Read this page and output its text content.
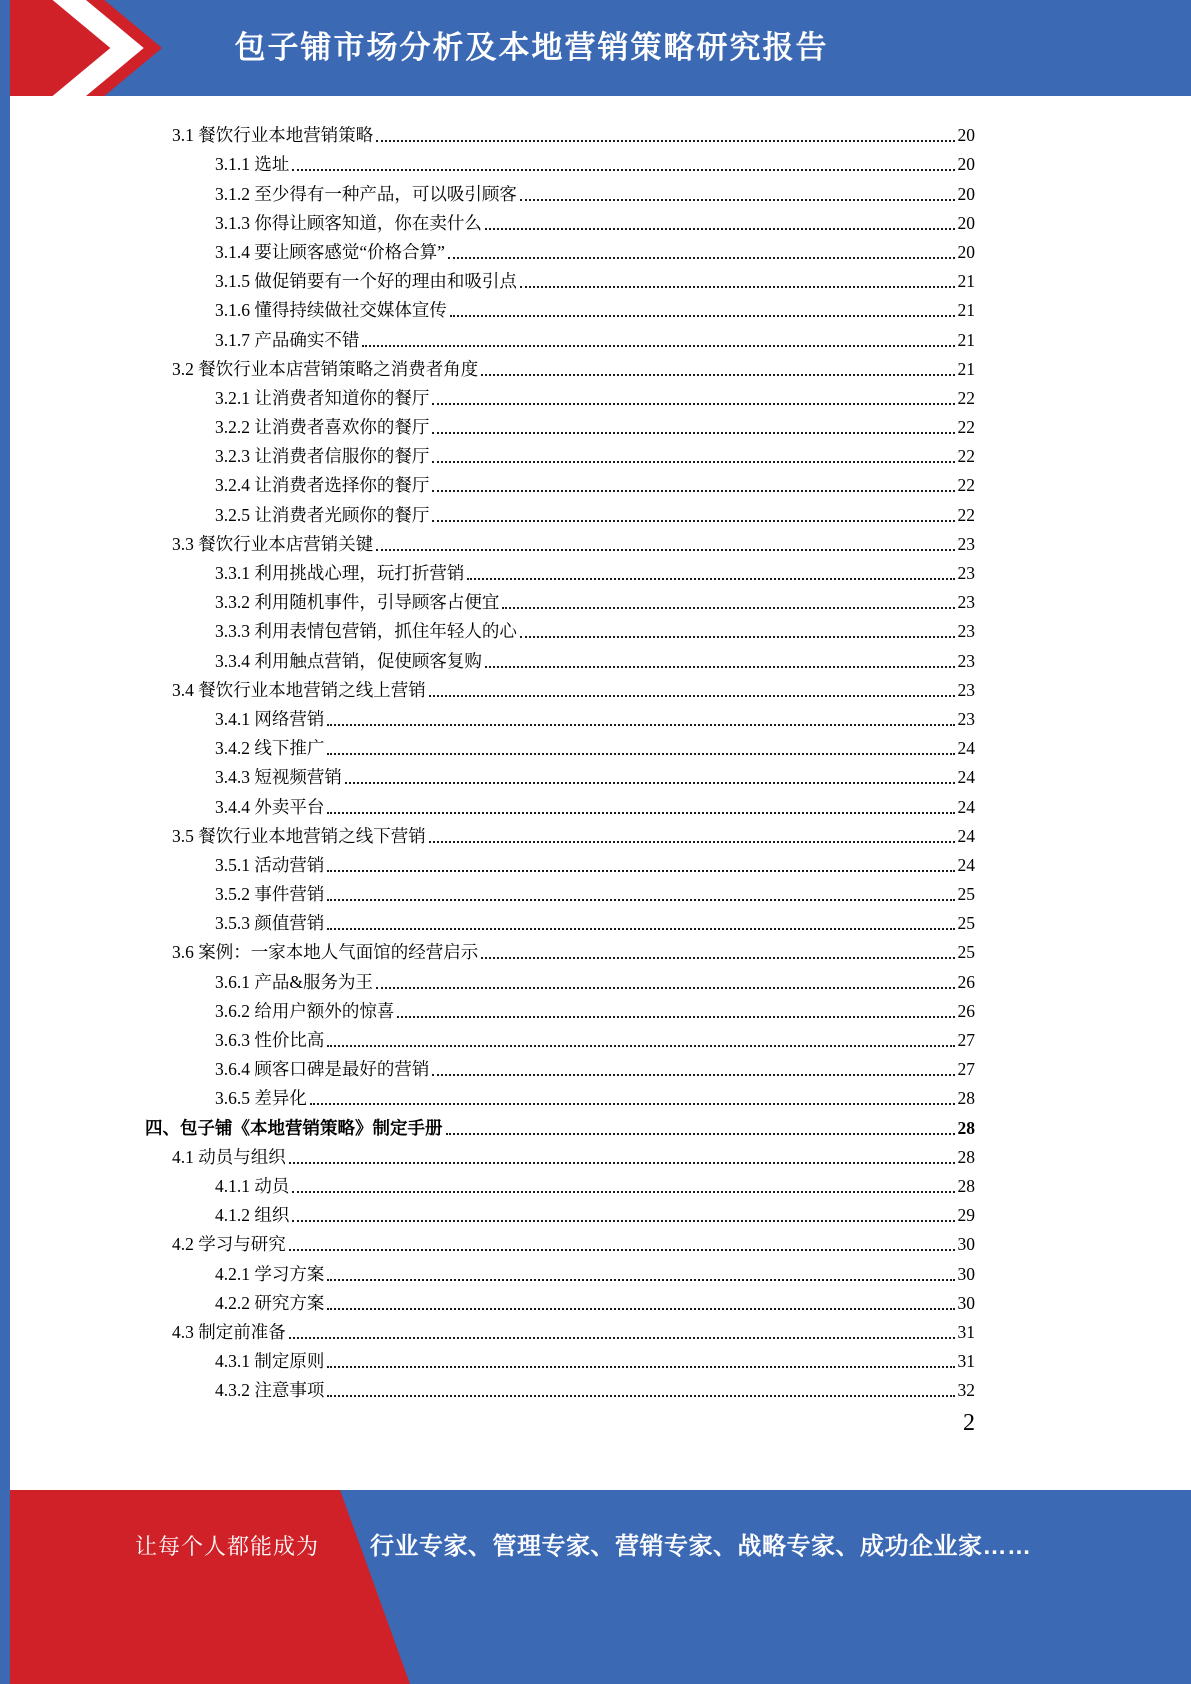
包子铺市场分析及本地营销策略研究报告
3.1 餐饮行业本地营销策略	20
3.1.1 选址	20
3.1.2 至少得有一种产品，可以吸引顾客	20
3.1.3 你得让顾客知道，你在卖什么	20
3.1.4 要让顾客感觉“价格合算”	20
3.1.5 做促销要有一个好的理由和吸引点	21
3.1.6 懂得持续做社交媒体宣传	21
3.1.7 产品确实不错	21
3.2 餐饮行业本店营销策略之消费者角度	21
3.2.1 让消费者知道你的餐厅	22
3.2.2 让消费者喜欢你的餐厅	22
3.2.3 让消费者信服你的餐厅	22
3.2.4 让消费者选择你的餐厅	22
3.2.5 让消费者光顾你的餐厅	22
3.3 餐饮行业本店营销关键	23
3.3.1 利用挑战心理，玩打折营销	23
3.3.2 利用随机事件，引导顾客占便宜	23
3.3.3 利用表情包营销，抓住年轻人的心	23
3.3.4 利用触点营销，促使顾客复购	23
3.4 餐饮行业本地营销之线上营销	23
3.4.1 网络营销	23
3.4.2 线下推广	24
3.4.3 短视频营销	24
3.4.4 外卖平台	24
3.5 餐饮行业本地营销之线下营销	24
3.5.1 活动营销	24
3.5.2 事件营销	25
3.5.3 颜值营销	25
3.6 案例：一家本地人气面馆的经营启示	25
3.6.1 产品&服务为王	26
3.6.2 给用户额外的惊喜	26
3.6.3 性价比高	27
3.6.4 顾客口碑是最好的营销	27
3.6.5 差异化	28
四、包子铺《本地营销策略》制定手册	28
4.1 动员与组织	28
4.1.1 动员	28
4.1.2 组织	29
4.2 学习与研究	30
4.2.1 学习方案	30
4.2.2 研究方案	30
4.3 制定前准备	31
4.3.1 制定原则	31
4.3.2 注意事项	32
2
让每个人都能成为 行业专家、管理专家、营销专家、战略专家、成功企业家……
